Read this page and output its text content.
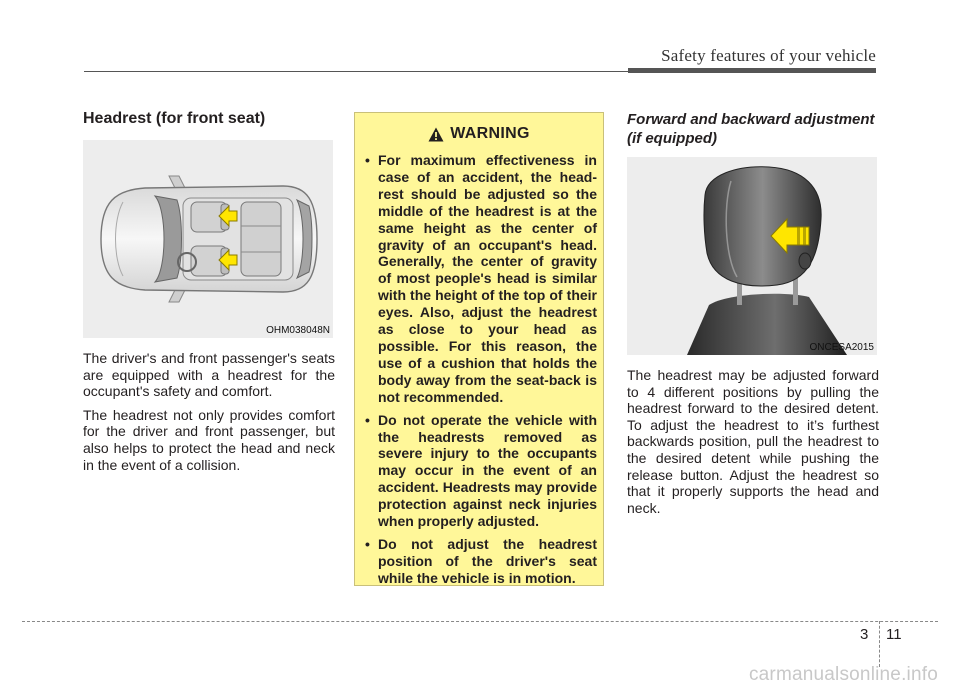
Safety features of your vehicle
Headrest (for front seat)
OHM038048N

The driver's and front passenger's seats are equipped with a headrest for the occupant's safety and comfort.

The headrest not only provides comfort for the driver and front passenger, but also helps to protect the head and neck in the event of a collision.

WARNING
• For maximum effectiveness in case of an accident, the headrest should be adjusted so the middle of the headrest is at the same height as the center of gravity of an occupant's head. Generally, the center of gravity of most people's head is similar with the height of the top of their eyes. Also, adjust the headrest as close to your head as possible. For this reason, the use of a cushion that holds the body away from the seat-back is not recommended.
• Do not operate the vehicle with the headrests removed as severe injury to the occupants may occur in the event of an accident. Headrests may provide protection against neck injuries when properly adjusted.
• Do not adjust the headrest position of the driver's seat while the vehicle is in motion.
Forward and backward adjustment (if equipped)
ONCESA2015

The headrest may be adjusted forward to 4 different positions by pulling the headrest forward to the desired detent. To adjust the headrest to it’s furthest backwards position, pull the headrest to the desired detent while pushing the release button. Adjust the headrest so that it properly supports the head and neck.

3 11
carmanualsonline.info
